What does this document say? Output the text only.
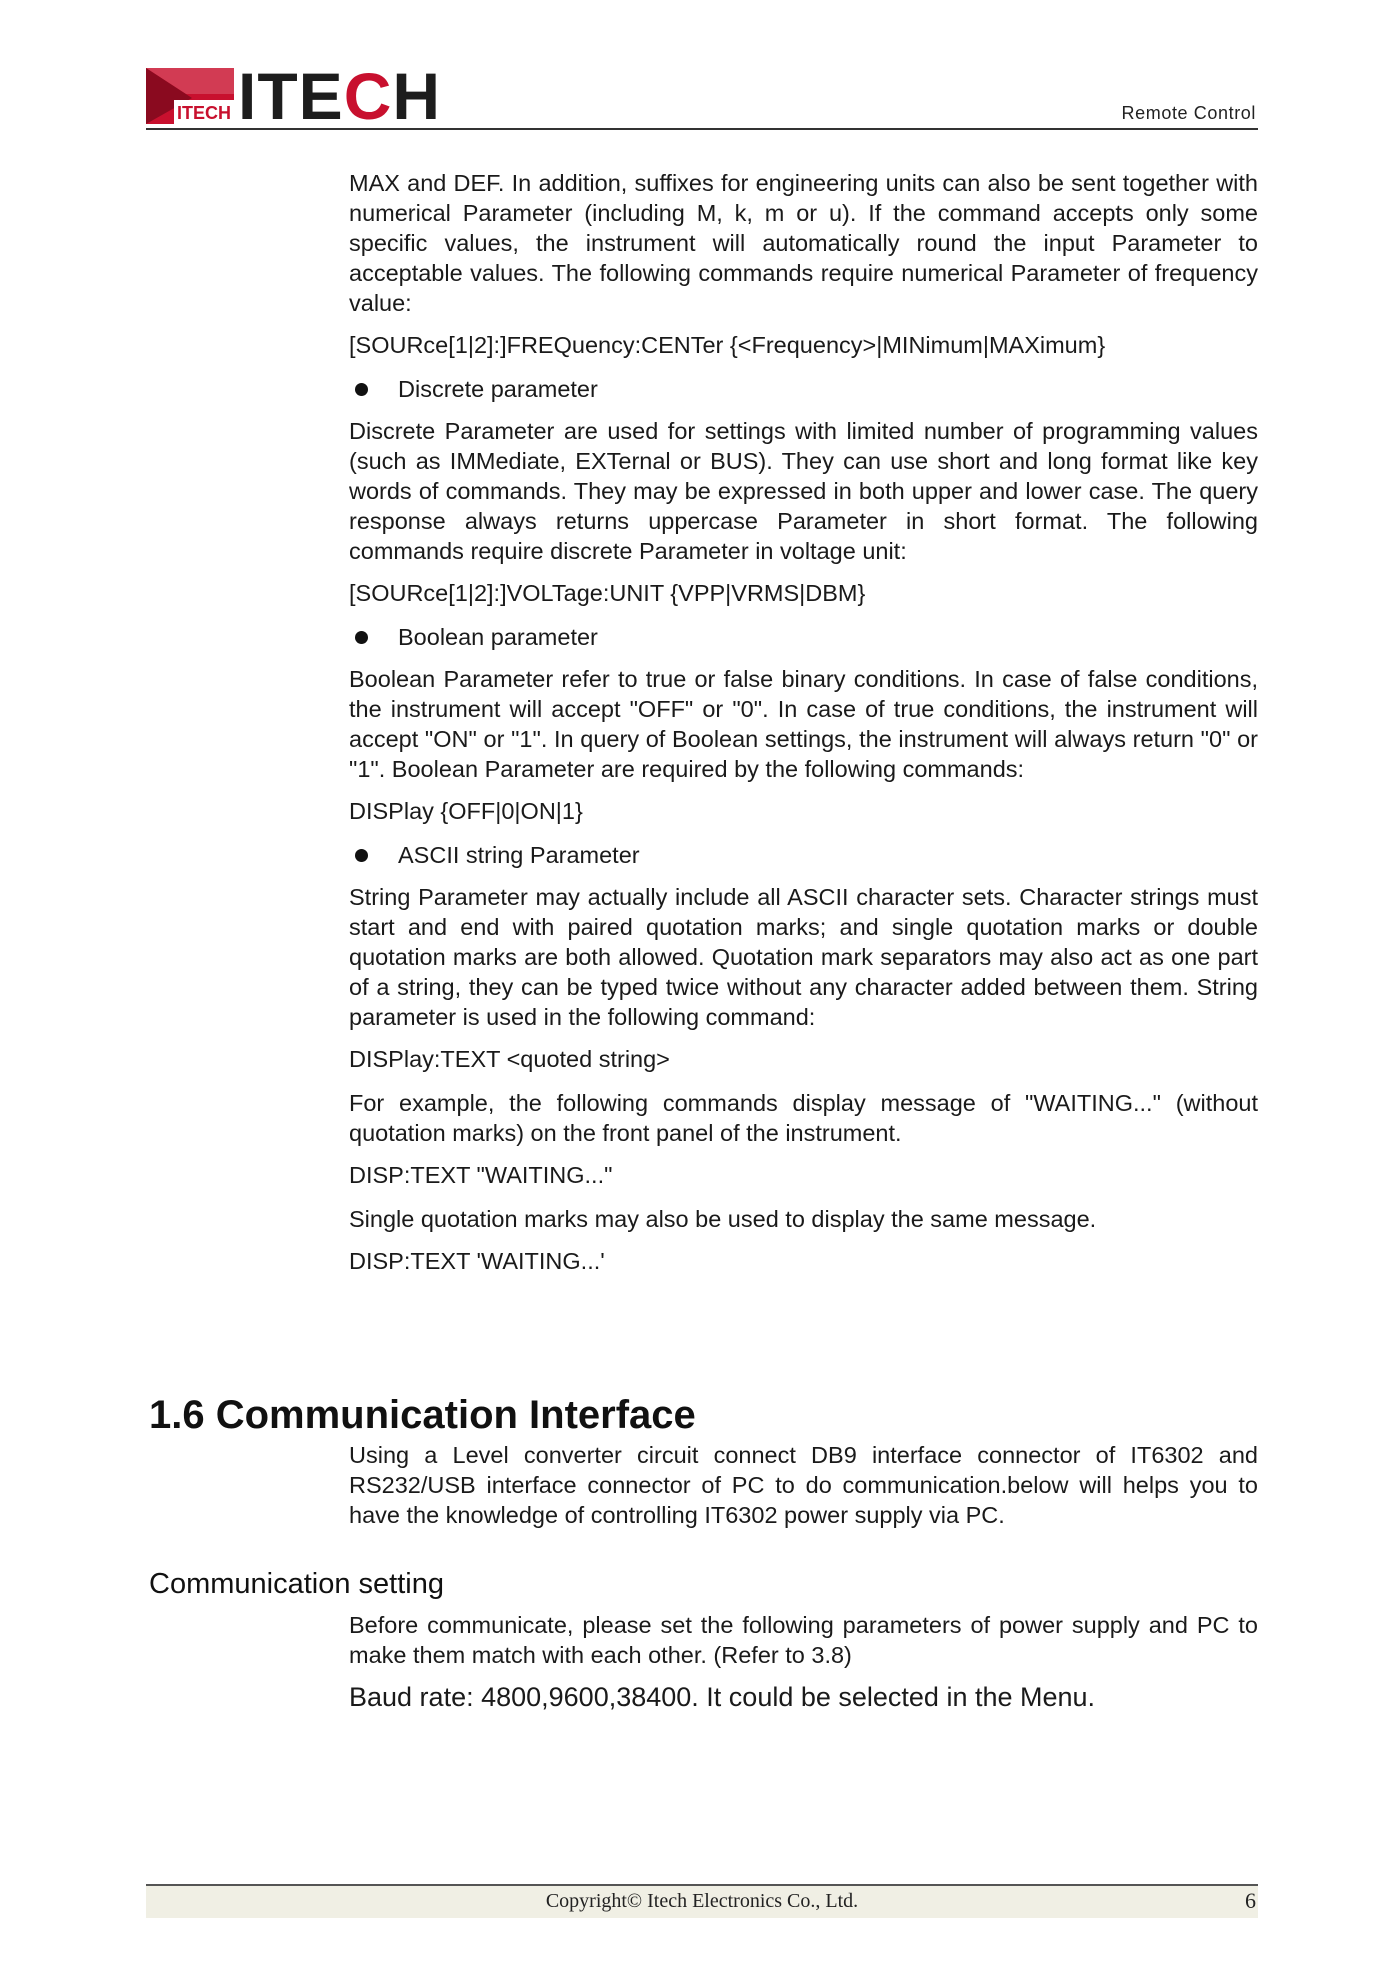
ITECH ITECH	Remote Control

MAX and DEF. In addition, suffixes for engineering units can also be sent together with numerical Parameter (including M, k, m or u). If the command accepts only some specific values, the instrument will automatically round the input Parameter to acceptable values. The following commands require numerical Parameter of frequency value:

[SOURce[1|2]:]FREQuency:CENTer {<Frequency>|MINimum|MAXimum}

Discrete parameter

Discrete Parameter are used for settings with limited number of programming values (such as IMMediate, EXTernal or BUS). They can use short and long format like key words of commands. They may be expressed in both upper and lower case. The query response always returns uppercase Parameter in short format. The following commands require discrete Parameter in voltage unit:

[SOURce[1|2]:]VOLTage:UNIT {VPP|VRMS|DBM}

Boolean parameter

Boolean Parameter refer to true or false binary conditions. In case of false conditions, the instrument will accept "OFF" or "0". In case of true conditions, the instrument will accept "ON" or "1". In query of Boolean settings, the instrument will always return "0" or "1". Boolean Parameter are required by the following commands:

DISPlay {OFF|0|ON|1}

ASCII string Parameter

String Parameter may actually include all ASCII character sets. Character strings must start and end with paired quotation marks; and single quotation marks or double quotation marks are both allowed. Quotation mark separators may also act as one part of a string, they can be typed twice without any character added between them. String parameter is used in the following command:

DISPlay:TEXT <quoted string>

For example, the following commands display message of "WAITING..." (without quotation marks) on the front panel of the instrument.

DISP:TEXT "WAITING..."

Single quotation marks may also be used to display the same message.

DISP:TEXT 'WAITING...'

1.6 Communication Interface

Using a Level converter circuit connect DB9 interface connector of IT6302 and RS232/USB interface connector of PC to do communication.below will helps you to have the knowledge of controlling IT6302 power supply via PC.

Communication setting

Before communicate, please set the following parameters of power supply and PC to make them match with each other. (Refer to 3.8)

Baud rate: 4800,9600,38400. It could be selected in the Menu.

Copyright© Itech Electronics Co., Ltd.	6
